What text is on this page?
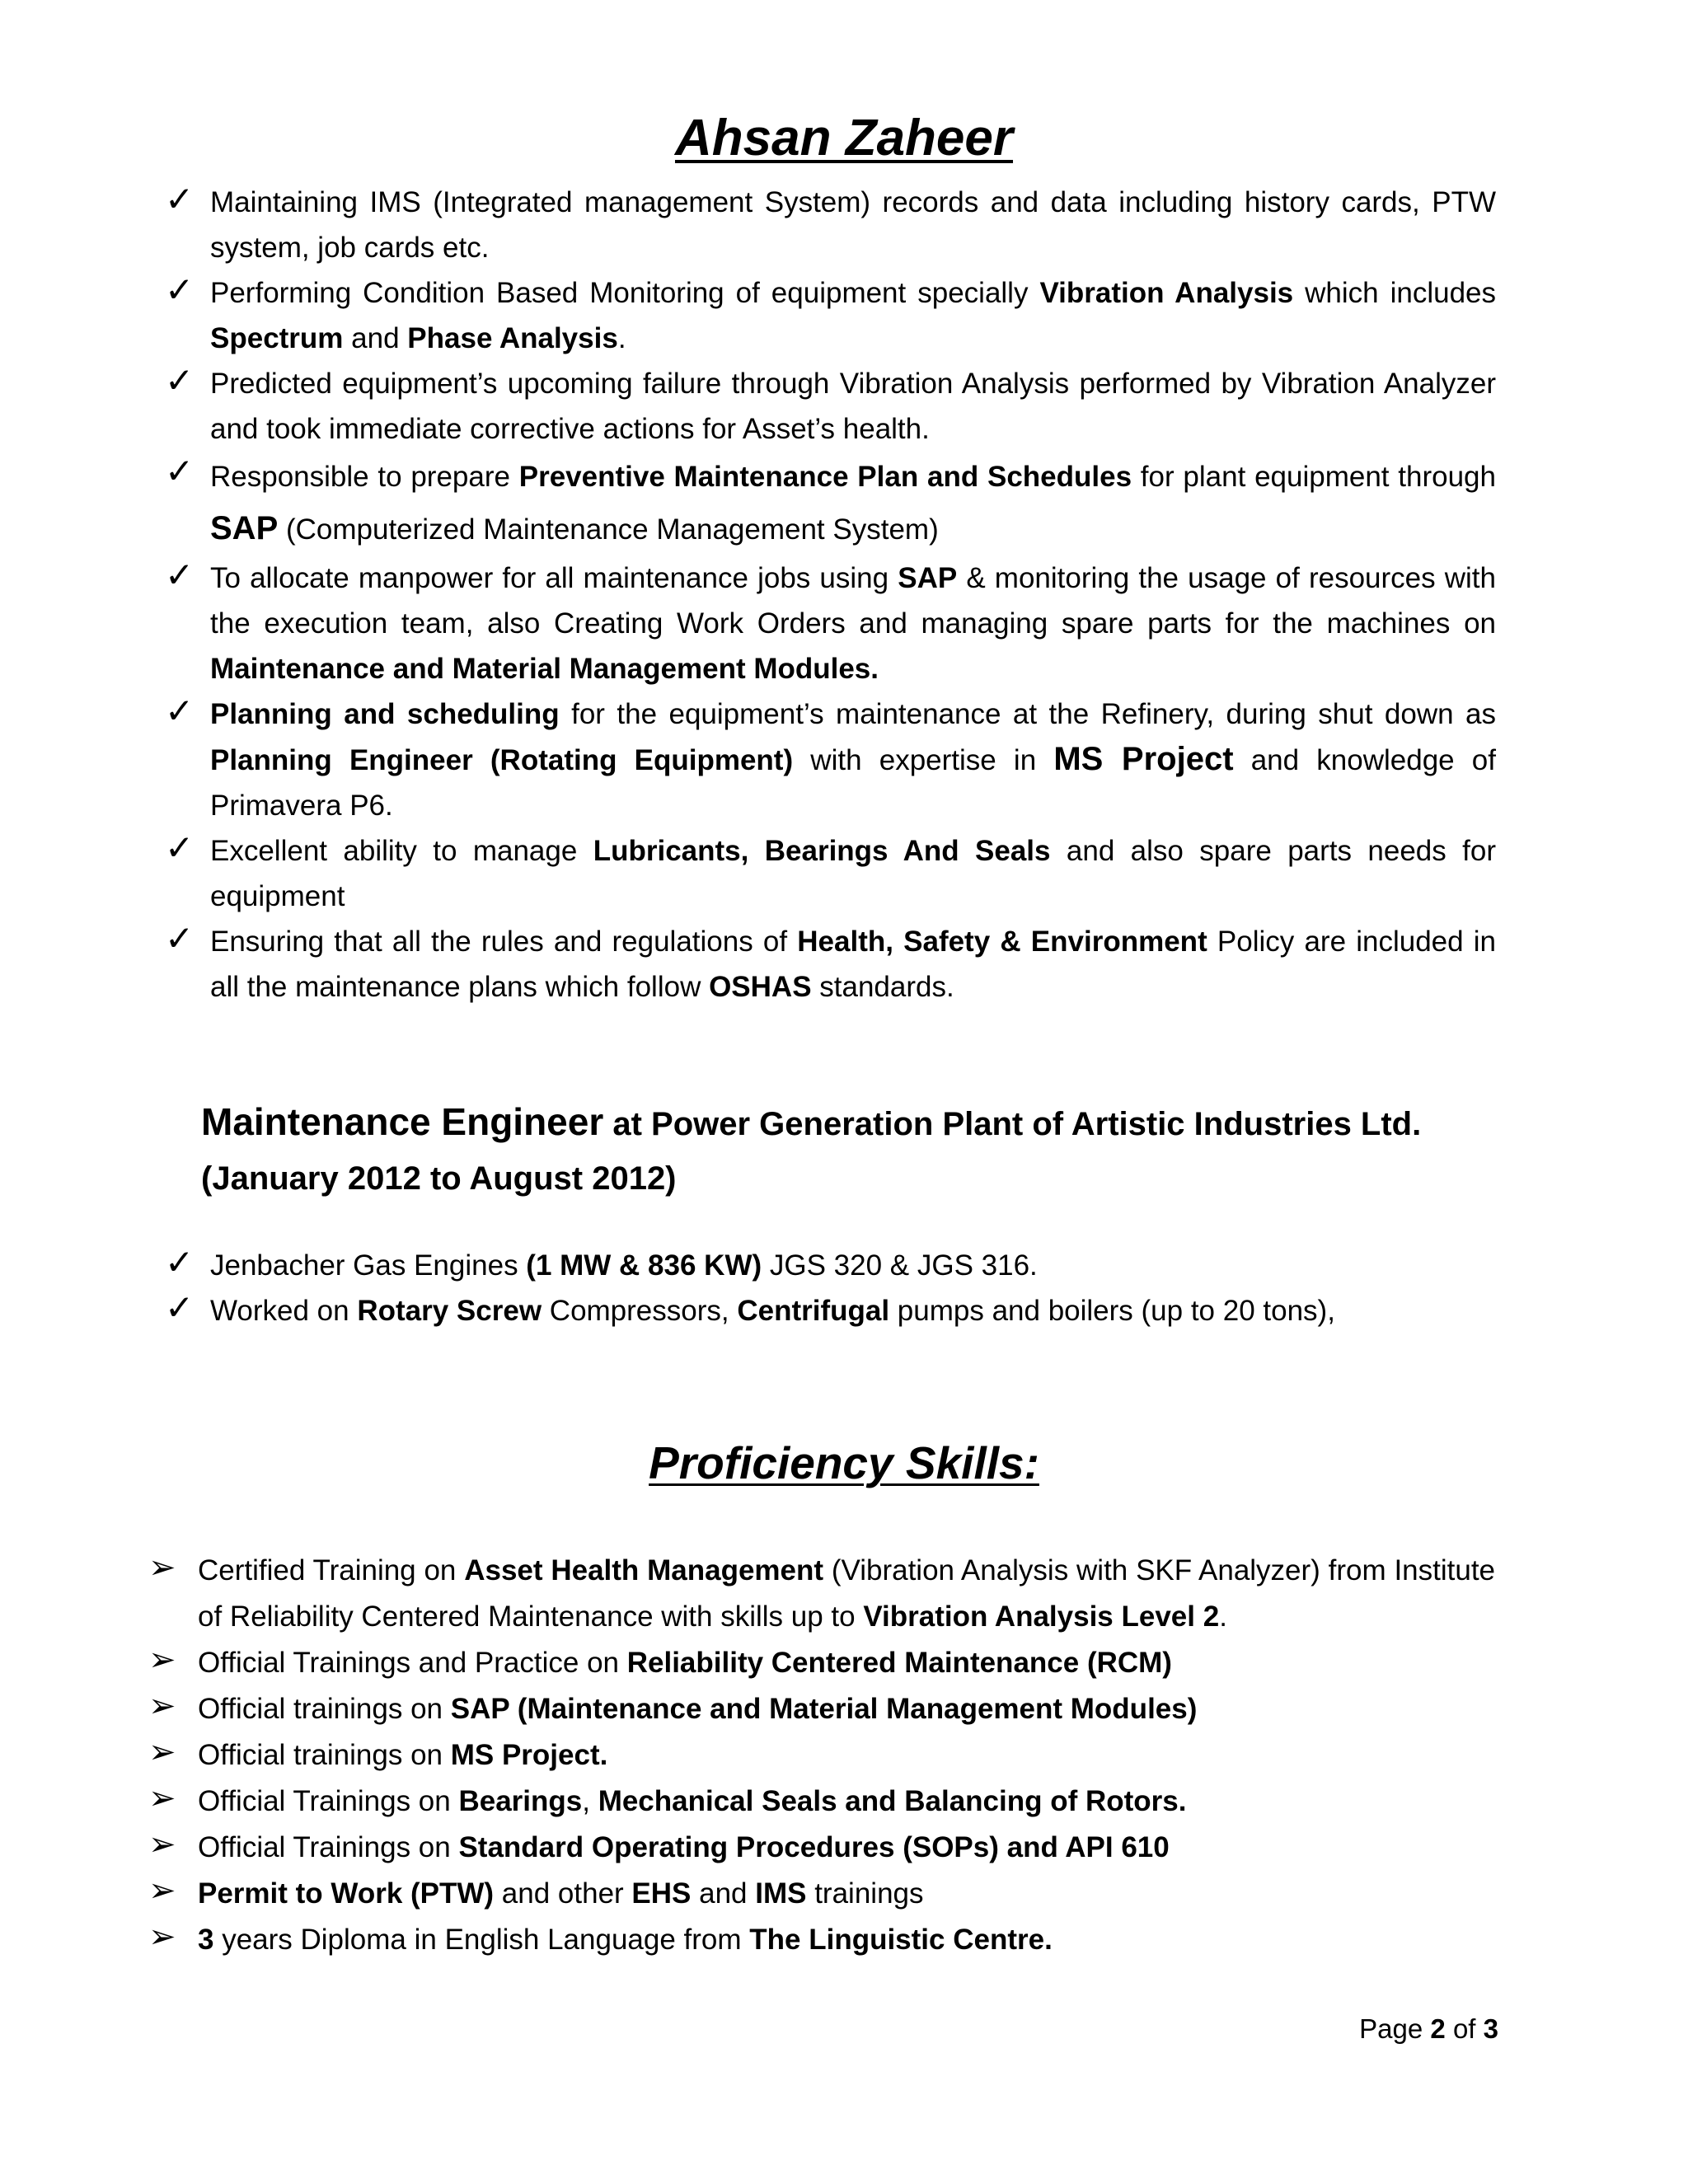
Ahsan Zaheer
✓ Maintaining IMS (Integrated management System) records and data including history cards, PTW system, job cards etc.
✓ Performing Condition Based Monitoring of equipment specially Vibration Analysis which includes Spectrum and Phase Analysis.
✓ Predicted equipment’s upcoming failure through Vibration Analysis performed by Vibration Analyzer and took immediate corrective actions for Asset’s health.
✓ Responsible to prepare Preventive Maintenance Plan and Schedules for plant equipment through SAP (Computerized Maintenance Management System)
✓ To allocate manpower for all maintenance jobs using SAP & monitoring the usage of resources with the execution team, also Creating Work Orders and managing spare parts for the machines on Maintenance and Material Management Modules.
✓ Planning and scheduling for the equipment’s maintenance at the Refinery, during shut down as Planning Engineer (Rotating Equipment) with expertise in MS Project and knowledge of Primavera P6.
✓ Excellent ability to manage Lubricants, Bearings And Seals and also spare parts needs for equipment
✓ Ensuring that all the rules and regulations of Health, Safety & Environment Policy are included in all the maintenance plans which follow OSHAS standards.
Maintenance Engineer at Power Generation Plant of Artistic Industries Ltd.
(January 2012 to August 2012)
✓ Jenbacher Gas Engines (1 MW & 836 KW) JGS 320 & JGS 316.
✓ Worked on Rotary Screw Compressors, Centrifugal pumps and boilers (up to 20 tons),
Proficiency Skills:
➢ Certified Training on Asset Health Management (Vibration Analysis with SKF Analyzer) from Institute of Reliability Centered Maintenance with skills up to Vibration Analysis Level 2.
➢ Official Trainings and Practice on Reliability Centered Maintenance (RCM)
➢ Official trainings on SAP (Maintenance and Material Management Modules)
➢ Official trainings on MS Project.
➢ Official Trainings on Bearings, Mechanical Seals and Balancing of Rotors.
➢ Official Trainings on Standard Operating Procedures (SOPs) and API 610
➢ Permit to Work (PTW) and other EHS and IMS trainings
➢ 3 years Diploma in English Language from The Linguistic Centre.
Page 2 of 3
